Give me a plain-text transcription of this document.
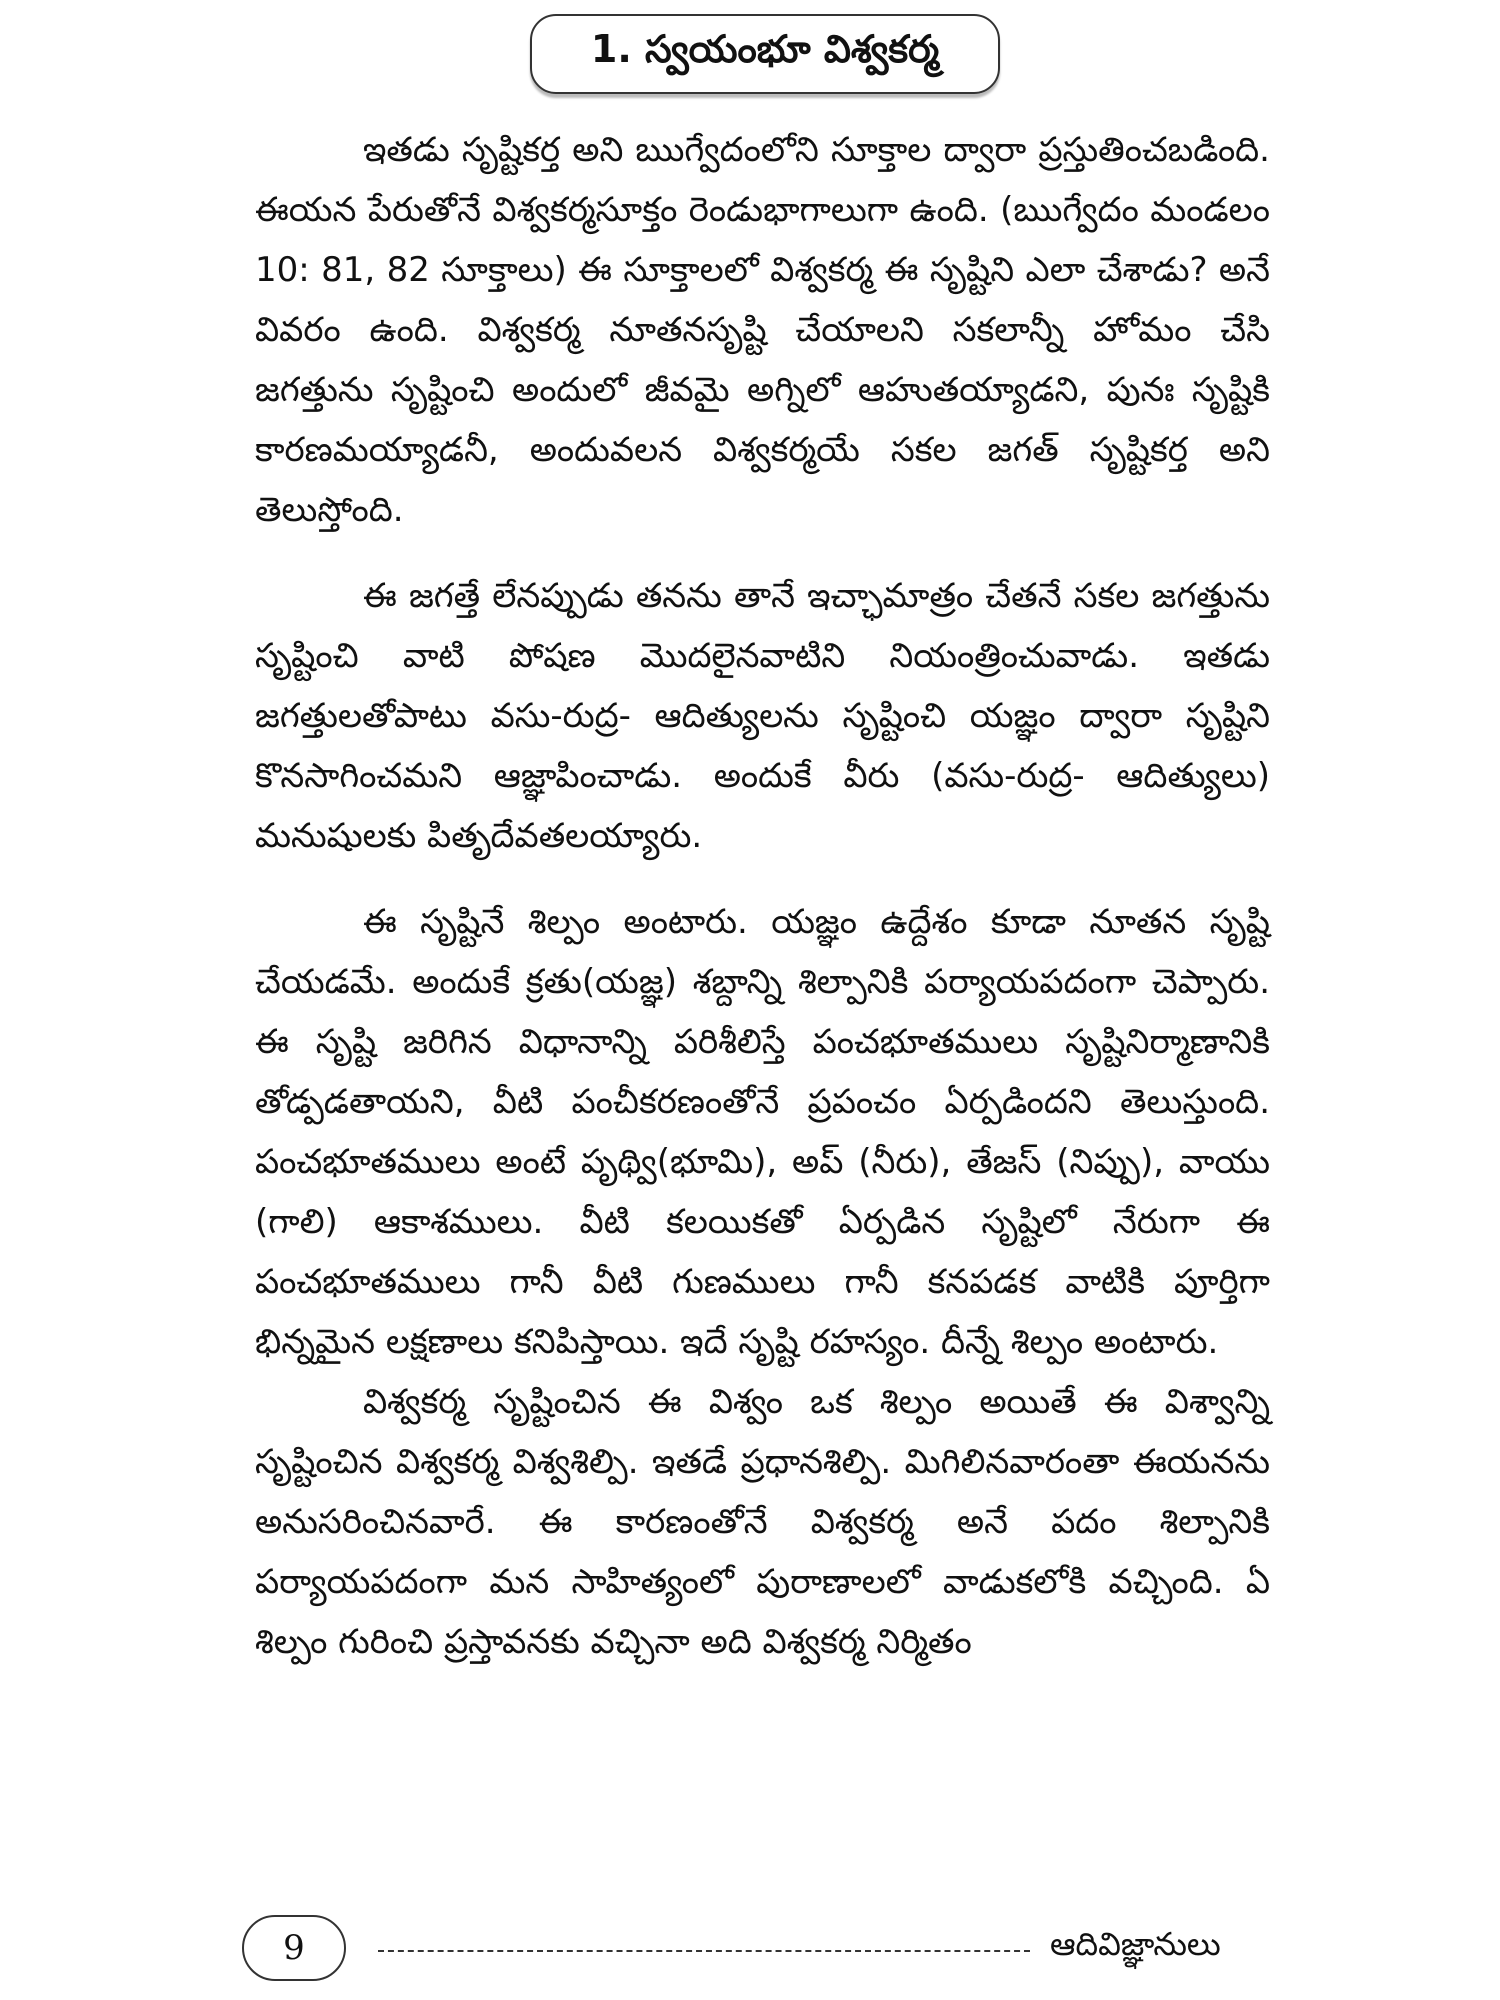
1. స్వయంభూ విశ్వకర్మ

ఇతడు సృష్టికర్త అని ఋగ్వేదంలోని సూక్తాల ద్వారా ప్రస్తుతించబడింది. ఈయన పేరుతోనే విశ్వకర్మసూక్తం రెండుభాగాలుగా ఉంది. (ఋగ్వేదం మండలం 10: 81, 82 సూక్తాలు) ఈ సూక్తాలలో విశ్వకర్మ ఈ సృష్టిని ఎలా చేశాడు? అనే వివరం ఉంది. విశ్వకర్మ నూతనసృష్టి చేయాలని సకలాన్నీ హోమం చేసి జగత్తును సృష్టించి అందులో జీవమై అగ్నిలో ఆహుతయ్యాడని, పునః సృష్టికి కారణమయ్యాడనీ, అందువలన విశ్వకర్మయే సకల జగత్ సృష్టికర్త అని తెలుస్తోంది.

ఈ జగత్తే లేనప్పుడు తనను తానే ఇచ్ఛామాత్రం చేతనే సకల జగత్తును సృష్టించి వాటి పోషణ మొదలైనవాటిని నియంత్రించువాడు. ఇతడు జగత్తులతోపాటు వసు-రుద్ర- ఆదిత్యులను సృష్టించి యజ్ఞం ద్వారా సృష్టిని కొనసాగించమని ఆజ్ఞాపించాడు. అందుకే వీరు (వసు-రుద్ర- ఆదిత్యులు) మనుషులకు పితృదేవతలయ్యారు.

ఈ సృష్టినే శిల్పం అంటారు. యజ్ఞం ఉద్దేశం కూడా నూతన సృష్టి చేయడమే. అందుకే క్రతు(యజ్ఞ) శబ్దాన్ని శిల్పానికి పర్యాయపదంగా చెప్పారు. ఈ సృష్టి జరిగిన విధానాన్ని పరిశీలిస్తే పంచభూతములు సృష్టినిర్మాణానికి తోడ్పడతాయని, వీటి పంచీకరణంతోనే ప్రపంచం ఏర్పడిందని తెలుస్తుంది. పంచభూతములు అంటే పృథ్వి(భూమి), అప్ (నీరు), తేజస్ (నిప్పు), వాయు (గాలి) ఆకాశములు. వీటి కలయికతో ఏర్పడిన సృష్టిలో నేరుగా ఈ పంచభూతములు గానీ వీటి గుణములు గానీ కనపడక వాటికి పూర్తిగా భిన్నమైన లక్షణాలు కనిపిస్తాయి. ఇదే సృష్టి రహస్యం. దీన్నే శిల్పం అంటారు.

విశ్వకర్మ సృష్టించిన ఈ విశ్వం ఒక శిల్పం అయితే ఈ విశ్వాన్ని సృష్టించిన విశ్వకర్మ విశ్వశిల్పి. ఇతడే ప్రధానశిల్పి. మిగిలినవారంతా ఈయనను అనుసరించినవారే. ఈ కారణంతోనే విశ్వకర్మ అనే పదం శిల్పానికి పర్యాయపదంగా మన సాహిత్యంలో పురాణాలలో వాడుకలోకి వచ్చింది. ఏ శిల్పం గురించి ప్రస్తావనకు వచ్చినా అది విశ్వకర్మ నిర్మితం

9	ఆదివిజ్ఞానులు
